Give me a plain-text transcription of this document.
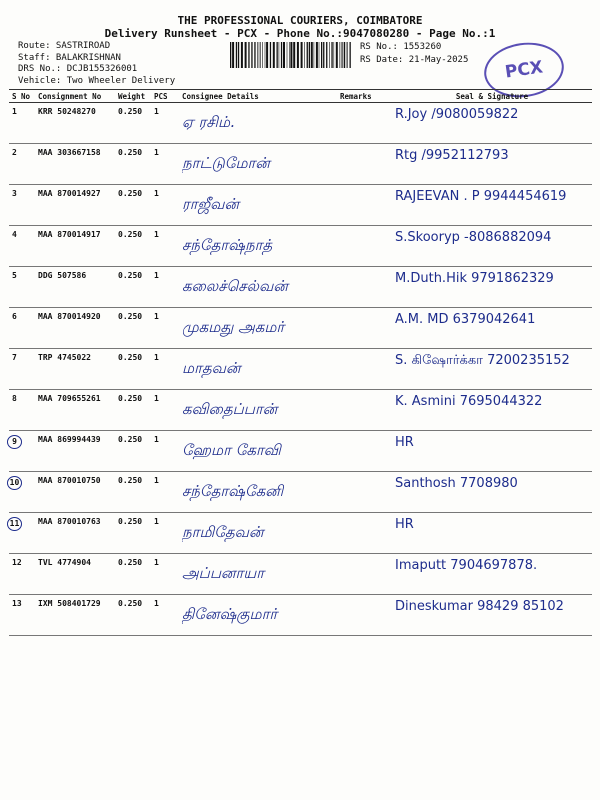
THE PROFESSIONAL COURIERS, COIMBATORE
Delivery Runsheet - PCX - Phone No.:9047080280 - Page No.:1
Route: SASTRIROAD
Staff: BALAKRISHNAN
DRS No.: DCJB155326001
Vehicle: Two Wheeler Delivery
RS No.: 1553260
RS Date: 21-May-2025	PCX
S No	Consignment No	Weight	PCS	Consignee Details	Remarks	Seal & Signature
1	KRR 50248270	0.250	1	ஏ ரசிம்.		R.Joy /9080059822

2	MAA 303667158	0.250	1	நாட்டுமோன்		Rtg /9952112793

3	MAA 870014927	0.250	1	ராஜீவன்		RAJEEVAN . P 9944454619

4	MAA 870014917	0.250	1	சந்தோஷ்நாத்		S.Skooryp -8086882094

5	DDG 507586	0.250	1	கலைச்செல்வன்		M.Duth.Hik 9791862329

6	MAA 870014920	0.250	1	முகமது அகமர்		A.M. MD 6379042641

7	TRP 4745022	0.250	1	மாதவன்		S. கிஷோர்க்கா 7200235152

8	MAA 709655261	0.250	1	கவிதைப்பான்		K. Asmini 7695044322

9	MAA 869994439	0.250	1	ஹேமா கோவி		HR

10	MAA 870010750	0.250	1	சந்தோஷ்கேனி		Santhosh 7708980

11	MAA 870010763	0.250	1	நாமிதேவன்		HR

12	TVL 4774904	0.250	1	அப்பனாயா		Imaputt 7904697878.

13	IXM 508401729	0.250	1	தினேஷ்குமார்		Dineskumar 98429 85102
